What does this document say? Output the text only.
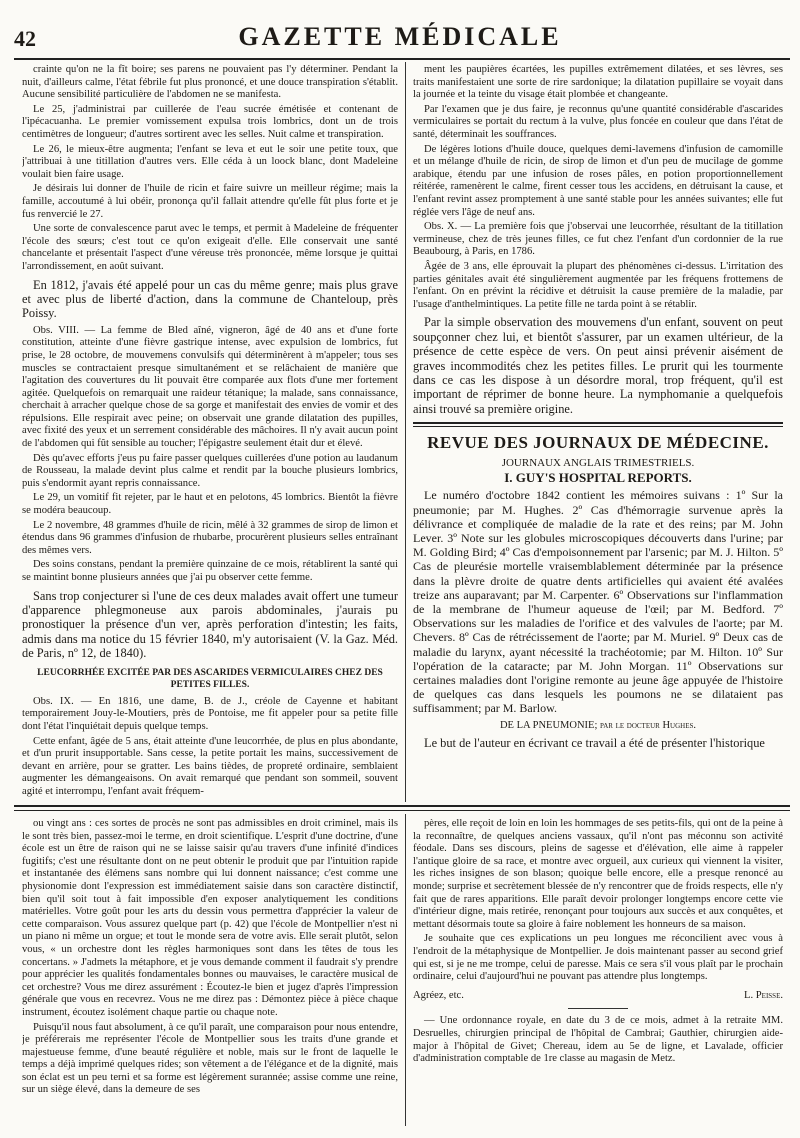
42	GAZETTE MÉDICALE

crainte qu'on ne la fît boire; ses parens ne pouvaient pas l'y déterminer. Pendant la nuit, d'ailleurs calme, l'état fébrile fut plus prononcé, et une douce transpiration s'établit. Aucune sensibilité particulière de l'abdomen ne se manifesta.

Le 25, j'administrai par cuillerée de l'eau sucrée émétisée et contenant de l'ipécacuanha. Le premier vomissement expulsa trois lombrics, dont un de trois centimètres de longueur; d'autres sortirent avec les selles. Nuit calme et transpiration.

Le 26, le mieux-être augmenta; l'enfant se leva et eut le soir une petite toux, que j'attribuai à une titillation d'autres vers. Elle céda à un loock blanc, dont Madeleine voulait bien faire usage.

Je désirais lui donner de l'huile de ricin et faire suivre un meilleur régime; mais la famille, accoutumé à lui obéir, prononça qu'il fallait attendre qu'elle fût plus forte et je fus renvercié le 27.

Une sorte de convalescence parut avec le temps, et permit à Madeleine de fréquenter l'école des sœurs; c'est tout ce qu'on exigeait d'elle. Elle conservait une santé chancelante et présentait l'aspect d'une véreuse très prononcée, même lorsque je quittai l'arrondissement, en août suivant.

En 1812, j'avais été appelé pour un cas du même genre; mais plus grave et avec plus de liberté d'action, dans la commune de Chanteloup, près Poissy.

Obs. VIII. — La femme de Bled aîné, vigneron, âgé de 40 ans et d'une forte constitution, atteinte d'une fièvre gastrique intense, avec expulsion de lombrics, fut prise, le 28 octobre, de mouvemens convulsifs qui déterminèrent à m'appeler; tous ses muscles se contractaient presque simultanément et se relâchaient de manière que l'agitation des couvertures du lit pouvait être comparée aux flots d'une mer fortement agitée. Quelquefois on remarquait une raideur tétanique; la malade, sans connaissance, cherchait à arracher quelque chose de sa gorge et manifestait des envies de vomir et des répulsions. Elle respirait avec peine; on observait une grande dilatation des pupilles, avec fixité des yeux et un serrement considérable des mâchoires. Il n'y avait aucun point de l'abdomen qui fût sensible au toucher; l'épigastre seulement était dur et élevé.

Dès qu'avec efforts j'eus pu faire passer quelques cuillerées d'une potion au laudanum de Rousseau, la malade devint plus calme et rendit par la bouche plusieurs lombrics, puis s'endormit ayant repris connaissance.

Le 29, un vomitif fit rejeter, par le haut et en pelotons, 45 lombrics. Bientôt la fièvre se modéra beaucoup.

Le 2 novembre, 48 grammes d'huile de ricin, mêlé à 32 grammes de sirop de limon et étendus dans 96 grammes d'infusion de rhubarbe, procurèrent plusieurs selles entraînant des mêmes vers.

Des soins constans, pendant la première quinzaine de ce mois, rétablirent la santé qui se maintint bonne plusieurs années que j'ai pu observer cette femme.

Sans trop conjecturer si l'une de ces deux malades avait offert une tumeur d'apparence phlegmoneuse aux parois abdominales, j'aurais pu pronostiquer la présence d'un ver, après perforation d'intestin; les faits, admis dans ma notice du 15 février 1840, m'y autorisaient (V. la Gaz. Méd. de Paris, nº 12, de 1840).

LEUCORRHÉE EXCITÉE PAR DES ASCARIDES VERMICULAIRES CHEZ DES PETITES FILLES.

Obs. IX. — En 1816, une dame, B. de J., créole de Cayenne et habitant temporairement Jouy-le-Moutiers, près de Pontoise, me fit appeler pour sa petite fille dont l'état l'inquiétait depuis quelque temps.

Cette enfant, âgée de 5 ans, était atteinte d'une leucorrhée, de plus en plus abondante, et d'un prurit insupportable. Sans cesse, la petite portait les mains, successivement de devant en arrière, pour se gratter. Les bains tièdes, de propreté ordinaire, semblaient augmenter les démangeaisons. On avait remarqué que pendant son sommeil, souvent agité et interrompu, l'enfant avait fréquem-

ment les paupières écartées, les pupilles extrêmement dilatées, et ses lèvres, ses traits manifestaient une sorte de rire sardonique; la dilatation pupillaire se voyait dans la journée et la teinte du visage était plombée et changeante.

Par l'examen que je dus faire, je reconnus qu'une quantité considérable d'ascarides vermiculaires se portait du rectum à la vulve, plus foncée en couleur que dans l'état de santé, déterminait les souffrances.

De légères lotions d'huile douce, quelques demi-lavemens d'infusion de camomille et un mélange d'huile de ricin, de sirop de limon et d'un peu de mucilage de gomme arabique, étendu par une infusion de roses pâles, en potion proportionnellement réitérée, ramenèrent le calme, firent cesser tous les accidens, en détruisant la cause, et l'enfant revint assez promptement à une santé stable pour les années suivantes; elle fut réglée vers l'âge de neuf ans.

Obs. X. — La première fois que j'observai une leucorrhée, résultant de la titillation vermineuse, chez de très jeunes filles, ce fut chez l'enfant d'un cordonnier de la rue Beaubourg, à Paris, en 1786.

Âgée de 3 ans, elle éprouvait la plupart des phénomènes ci-dessus. L'irritation des parties génitales avait été singulièrement augmentée par les fréquens frottemens de l'enfant. On en prévint la récidive et détruisit la cause première de la maladie, par l'usage d'anthelmintiques. La petite fille ne tarda point à se rétablir.

Par la simple observation des mouvemens d'un enfant, souvent on peut soupçonner chez lui, et bientôt s'assurer, par un examen ultérieur, de la présence de cette espèce de vers. On peut ainsi prévenir aisément de graves incommodités chez les petites filles. Le prurit qui les tourmente dans ce cas les dispose à un désordre moral, trop fréquent, qu'il est important de réprimer de bonne heure. La nymphomanie a quelquefois ainsi trouvé sa première origine.

REVUE DES JOURNAUX DE MÉDECINE.

JOURNAUX ANGLAIS TRIMESTRIELS.

I. GUY'S HOSPITAL REPORTS.

Le numéro d'octobre 1842 contient les mémoires suivans : 1º Sur la pneumonie; par M. Hughes. 2º Cas d'hémorragie survenue après la délivrance et compliquée de maladie de la rate et des reins; par M. John Lever. 3º Note sur les globules microscopiques découverts dans l'urine; par M. Golding Bird; 4º Cas d'empoisonnement par l'arsenic; par M. J. Hilton. 5º Cas de pleurésie mortelle vraisemblablement déterminée par la présence dans la plèvre droite de quatre dents artificielles qui avaient été avalées treize ans auparavant; par M. Carpenter. 6º Observations sur l'inflammation de la membrane de l'humeur aqueuse de l'œil; par M. Bedford. 7º Observations sur les maladies de l'orifice et des valvules de l'aorte; par M. Chevers. 8º Cas de rétrécissement de l'aorte; par M. Muriel. 9º Deux cas de maladie du larynx, ayant nécessité la trachéotomie; par M. Hilton. 10º Sur l'opération de la cataracte; par M. John Morgan. 11º Observations sur certaines maladies dont l'origine remonte au jeune âge appuyée de l'histoire de quelques cas dans lesquels les poumons ne se dilataient pas suffisamment; par M. Barlow.

DE LA PNEUMONIE; par le docteur Hughes.

Le but de l'auteur en écrivant ce travail a été de présenter l'historique

ou vingt ans : ces sortes de procès ne sont pas admissibles en droit criminel, mais ils le sont très bien, passez-moi le terme, en droit scientifique. L'esprit d'une doctrine, d'une école est un être de raison qui ne se laisse saisir qu'au travers d'une infinité d'indices fugitifs; c'est une résultante dont on ne peut obtenir le produit que par l'intuition rapide et instantanée des élémens sans nombre qui lui donnent naissance; c'est comme une physionomie dont l'expression est immédiatement saisie dans son caractère distinctif, bien qu'il soit tout à fait impossible d'en exposer analytiquement les conditions matérielles. Votre goût pour les arts du dessin vous permettra d'apprécier la valeur de cette comparaison. Vous assurez quelque part (p. 42) que l'école de Montpellier n'est ni un piano ni même un orgue; et tout le monde sera de votre avis. Elle serait plutôt, selon vous, « un orchestre dont les règles harmoniques sont dans les têtes de tous les concertans. » J'admets la métaphore, et je vous demande comment il faudrait s'y prendre pour apprécier les qualités fondamentales bonnes ou mauvaises, le caractère musical de cet orchestre? Vous me direz assurément : Écoutez-le bien et jugez d'après l'impression générale que vous en recevrez. Vous ne me direz pas : Démontez pièce à pièce chaque instrument, écoutez isolément chaque partie ou chaque note.

Puisqu'il nous faut absolument, à ce qu'il paraît, une comparaison pour nous entendre, je préférerais me représenter l'école de Montpellier sous les traits d'une grande et majestueuse femme, d'une beauté régulière et noble, mais sur le front de laquelle le temps a déjà imprimé quelques rides; son vêtement a de l'élégance et de la dignité, mais son éclat est un peu terni et sa forme est légèrement surannée; assise comme une reine, sur un siège élevé, dans la demeure de ses

pères, elle reçoit de loin en loin les hommages de ses petits-fils, qui ont de la peine à la reconnaître, de quelques anciens vassaux, qu'il n'ont pas méconnu son activité féodale. Dans ses discours, pleins de sagesse et d'élévation, elle aime à rappeler l'antique gloire de sa race, et montre avec orgueil, aux curieux qui viennent la visiter, les riches insignes de son blason; quoique belle encore, elle a presque renoncé au monde; surprise et secrètement blessée de n'y rencontrer que de froids respects, elle n'y fait que de rares apparitions. Elle paraît devoir prolonger longtemps encore cette vie d'intérieur digne, mais retirée, renonçant pour toujours aux succès et aux conquêtes, et mettant désormais toute sa gloire à faire noblement les honneurs de sa maison.

Je souhaite que ces explications un peu longues me réconcilient avec vous à l'endroit de la métaphysique de Montpellier. Je dois maintenant passer au second grief qui est, si je ne me trompe, celui de paresse. Mais ce sera s'il vous plaît par le prochain ordinaire, celui d'aujourd'hui ne pouvant pas attendre plus longtemps.

Agréez, etc.	L. Peisse.

— Une ordonnance royale, en date du 3 de ce mois, admet à la retraite MM. Desruelles, chirurgien principal de l'hôpital de Cambrai; Gauthier, chirurgien aide-major à l'hôpital de Givet; Chereau, idem au 5e de ligne, et Lavalade, officier d'administration comptable de 1re classe au magasin de Metz.
